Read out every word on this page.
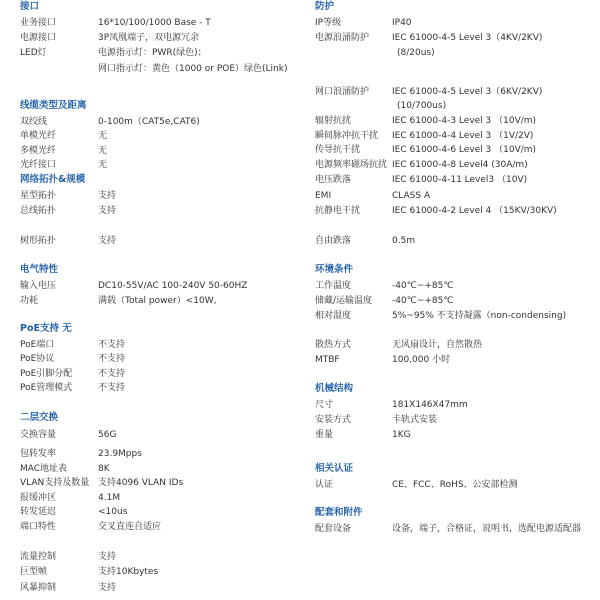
接口
业务接口	16*10/100/1000 Base - T
电源接口	3P凤凰端子，双电源冗余
LED灯	电源指示灯：PWR(绿色)；
网口指示灯：黄色（1000 or POE）绿色(Link)
线缆类型及距离
双绞线	0-100m（CAT5e,CAT6)
单模光纤	无
多模光纤	无
光纤接口	无
网络拓扑&规模
星型拓扑	支持
总线拓扑	支持
树形拓扑	支持
电气特性
输入电压	DC10-55V/AC 100-240V 50-60HZ
功耗	满载（Total power）<10W,
PoE支持 无
PoE端口	不支持
PoE协议	不支持
PoE引脚分配	不支持
PoE管理模式	不支持
二层交换
交换容量	56G
包转发率	23.9Mpps
MAC地址表	8K
VLAN支持及数量 支持4096 VLAN IDs
报缓冲区	4.1M
转发延迟	<10us
端口特性	交叉直连自适应
流量控制	支持
巨型帧	支持10Kbytes
风暴抑制	支持
防护
IP等级	IP40
电源浪涌防护	IEC 61000-4-5 Level 3（4KV/2KV)
(8/20us)
网口浪涌防护	IEC 61000-4-5 Level 3（6KV/2KV)
(10/700us)
辐射抗扰	IEC 61000-4-3 Level 3 （10V/m)
瞬间脉冲抗干扰 IEC 61000-4-4 Level 3 （1V/2V)
传导抗干扰	IEC 61000-4-6 Level 3 （10V/m)
电源频率磁场抗扰 IEC 61000-4-8 Level4 (30A/m)
电压跌落	IEC 61000-4-11 Level3 （10V)
EMI	CLASS A
抗静电干扰	IEC 61000-4-2 Level 4 （15KV/30KV)
自由跌落	0.5m
环境条件
工作温度	-40℃~+85℃
储藏/运输温度 -40℃~+85℃
相对湿度	5%~95% 不支持凝露（non-condensing)
散热方式	无风扇设计，自然散热
MTBF	100,000 小时
机械结构
尺寸	181X146X47mm
安装方式	卡轨式安装
重量	1KG
相关认证
认证	CE、FCC、RoHS、公安部检测
配套和附件
配套设备	设备，端子，合格证，说明书，选配电源适配器
